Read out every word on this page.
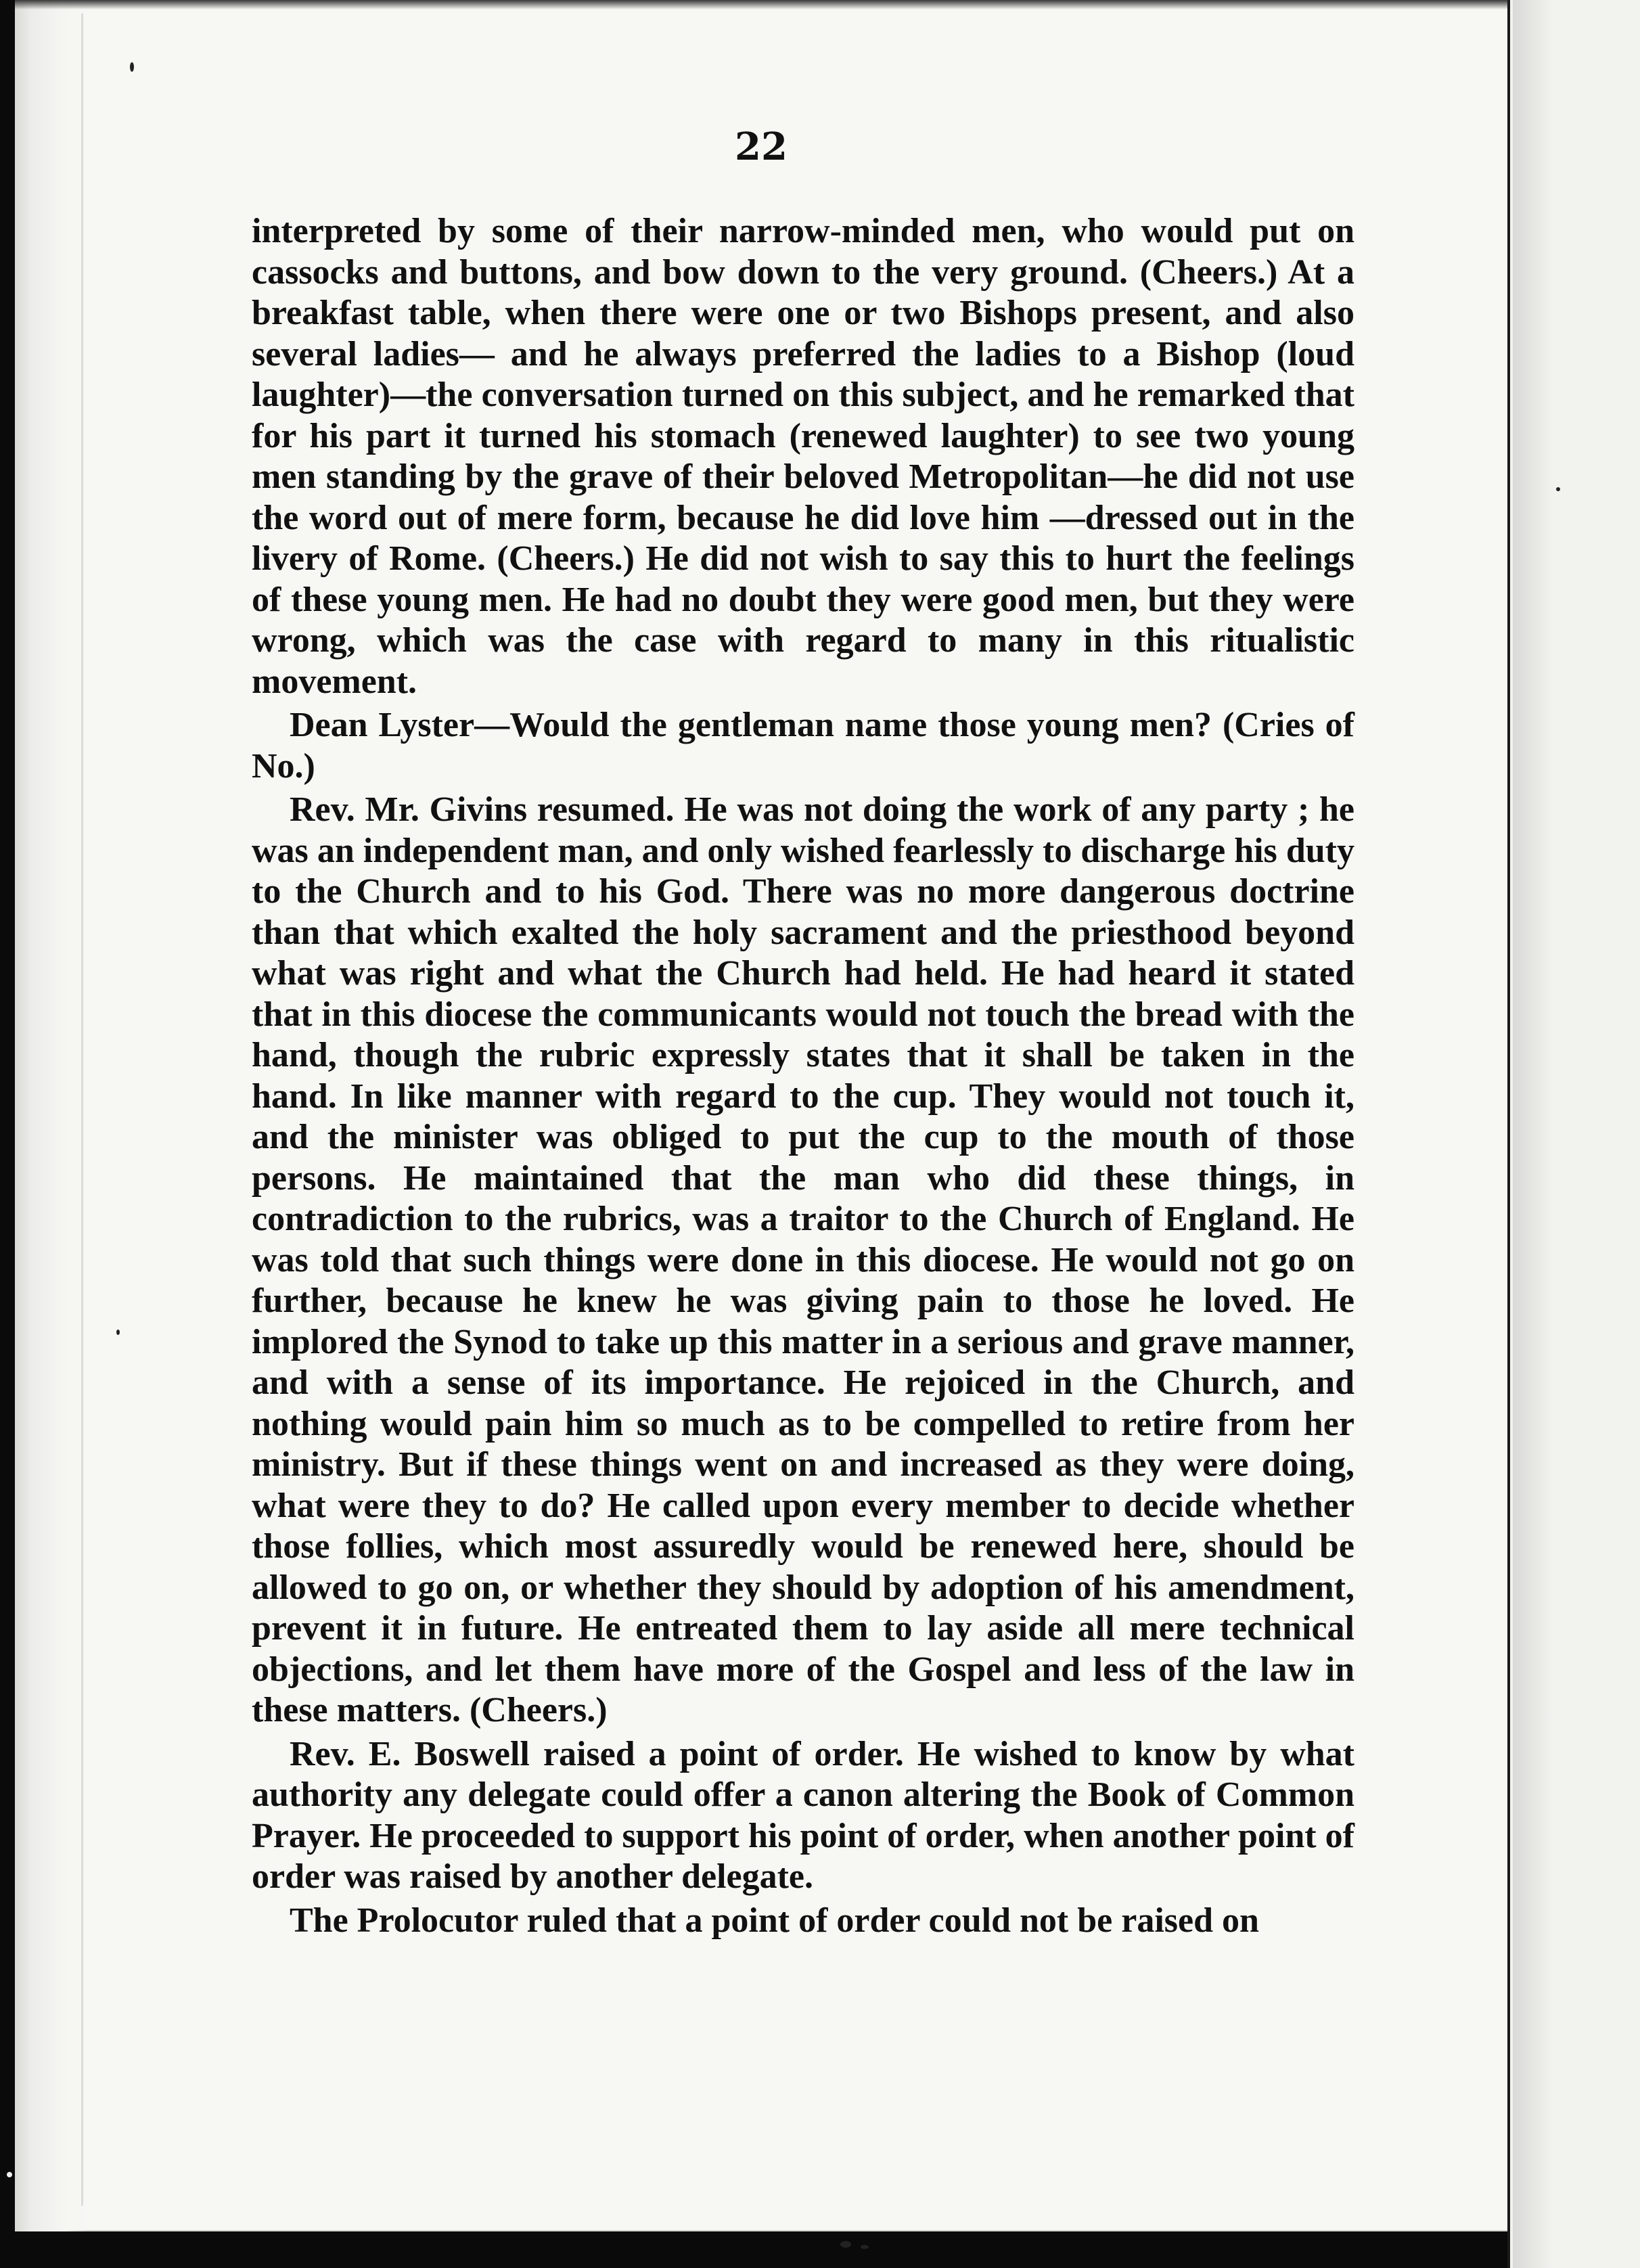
22

interpreted by some of their narrow-minded men, who would put on cassocks and buttons, and bow down to the very ground. (Cheers.) At a breakfast table, when there were one or two Bishops present, and also several ladies— and he always preferred the ladies to a Bishop (loud laughter)—the conversation turned on this subject, and he remarked that for his part it turned his stomach (renewed laughter) to see two young men standing by the grave of their beloved Metropolitan—he did not use the word out of mere form, because he did love him —dressed out in the livery of Rome. (Cheers.) He did not wish to say this to hurt the feelings of these young men. He had no doubt they were good men, but they were wrong, which was the case with regard to many in this ritualistic movement.

Dean Lyster—Would the gentleman name those young men? (Cries of No.)

Rev. Mr. Givins resumed. He was not doing the work of any party ; he was an independent man, and only wished fearlessly to discharge his duty to the Church and to his God. There was no more dangerous doctrine than that which exalted the holy sacrament and the priesthood beyond what was right and what the Church had held. He had heard it stated that in this diocese the communicants would not touch the bread with the hand, though the rubric expressly states that it shall be taken in the hand. In like manner with regard to the cup. They would not touch it, and the minister was obliged to put the cup to the mouth of those persons. He maintained that the man who did these things, in contradiction to the rubrics, was a traitor to the Church of England. He was told that such things were done in this diocese. He would not go on further, because he knew he was giving pain to those he loved. He implored the Synod to take up this matter in a serious and grave manner, and with a sense of its importance. He rejoiced in the Church, and nothing would pain him so much as to be compelled to retire from her ministry. But if these things went on and increased as they were doing, what were they to do? He called upon every member to decide whether those follies, which most assuredly would be renewed here, should be allowed to go on, or whether they should by adoption of his amendment, prevent it in future. He entreated them to lay aside all mere technical objections, and let them have more of the Gospel and less of the law in these matters. (Cheers.)

Rev. E. Boswell raised a point of order. He wished to know by what authority any delegate could offer a canon altering the Book of Common Prayer. He proceeded to support his point of order, when another point of order was raised by another delegate.

The Prolocutor ruled that a point of order could not be raised on
